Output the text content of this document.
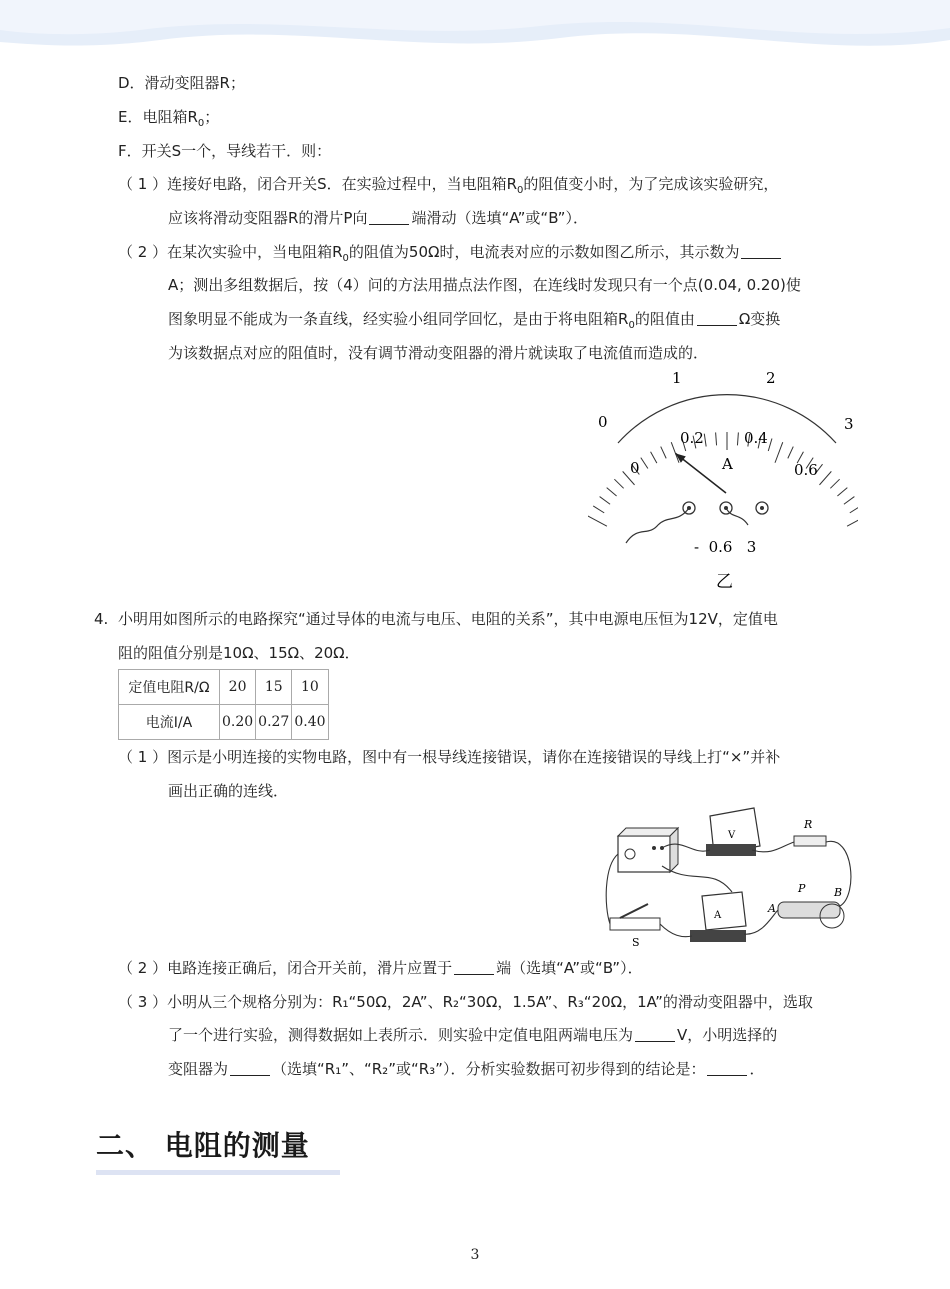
D．滑动变阻器R；
E．电阻箱$R_0$；
F．开关S一个，导线若干．则：
（ 1 ）连接好电路，闭合开关S．在实验过程中，当电阻箱$R_0$的阻值变小时，为了完成该实验研究，
应该将滑动变阻器R的滑片P向	端滑动（选填“A”或“B”）．
（ 2 ）在某次实验中，当电阻箱$R_0$的阻值为50Ω时，电流表对应的示数如图乙所示，其示数为
A；测出多组数据后，按（4）问的方法用描点法作图，在连线时发现只有一个点(0.04, 0.20)使
图象明显不能成为一条直线，经实验小组同学回忆，是由于将电阻箱$R_0$的阻值由	Ω变换
为该数据点对应的阻值时，没有调节滑动变阻器的滑片就读取了电流值而造成的．
0
1	2
3
0
0.2	0.4
0.6
A
-  0.6   3
乙
4. 小明用如图所示的电路探究“通过导体的电流与电压、电阻的关系”，其中电源电压恒为12V，定值电
阻的阻值分别是10Ω、15Ω、20Ω．
定值电阻R/Ω	20	15	10
电流I/A	0.20	0.27	0.40
（ 1 ）图示是小明连接的实物电路，图中有一根导线连接错误，请你在连接错误的导线上打“×”并补
画出正确的连线．
V
R
S
A
A
P	B
（ 2 ）电路连接正确后，闭合开关前，滑片应置于	端（选填“A”或“B”）．
（ 3 ）小明从三个规格分别为：R₁“50Ω，2A”、R₂“30Ω，1.5A”、R₃“20Ω，1A”的滑动变阻器中，选取
了一个进行实验，测得数据如上表所示．则实验中定值电阻两端电压为	V，小明选择的
变阻器为	（选填“R₁”、“R₂”或“R₃”）．分析实验数据可初步得到的结论是：	．
二、 电阻的测量
3
